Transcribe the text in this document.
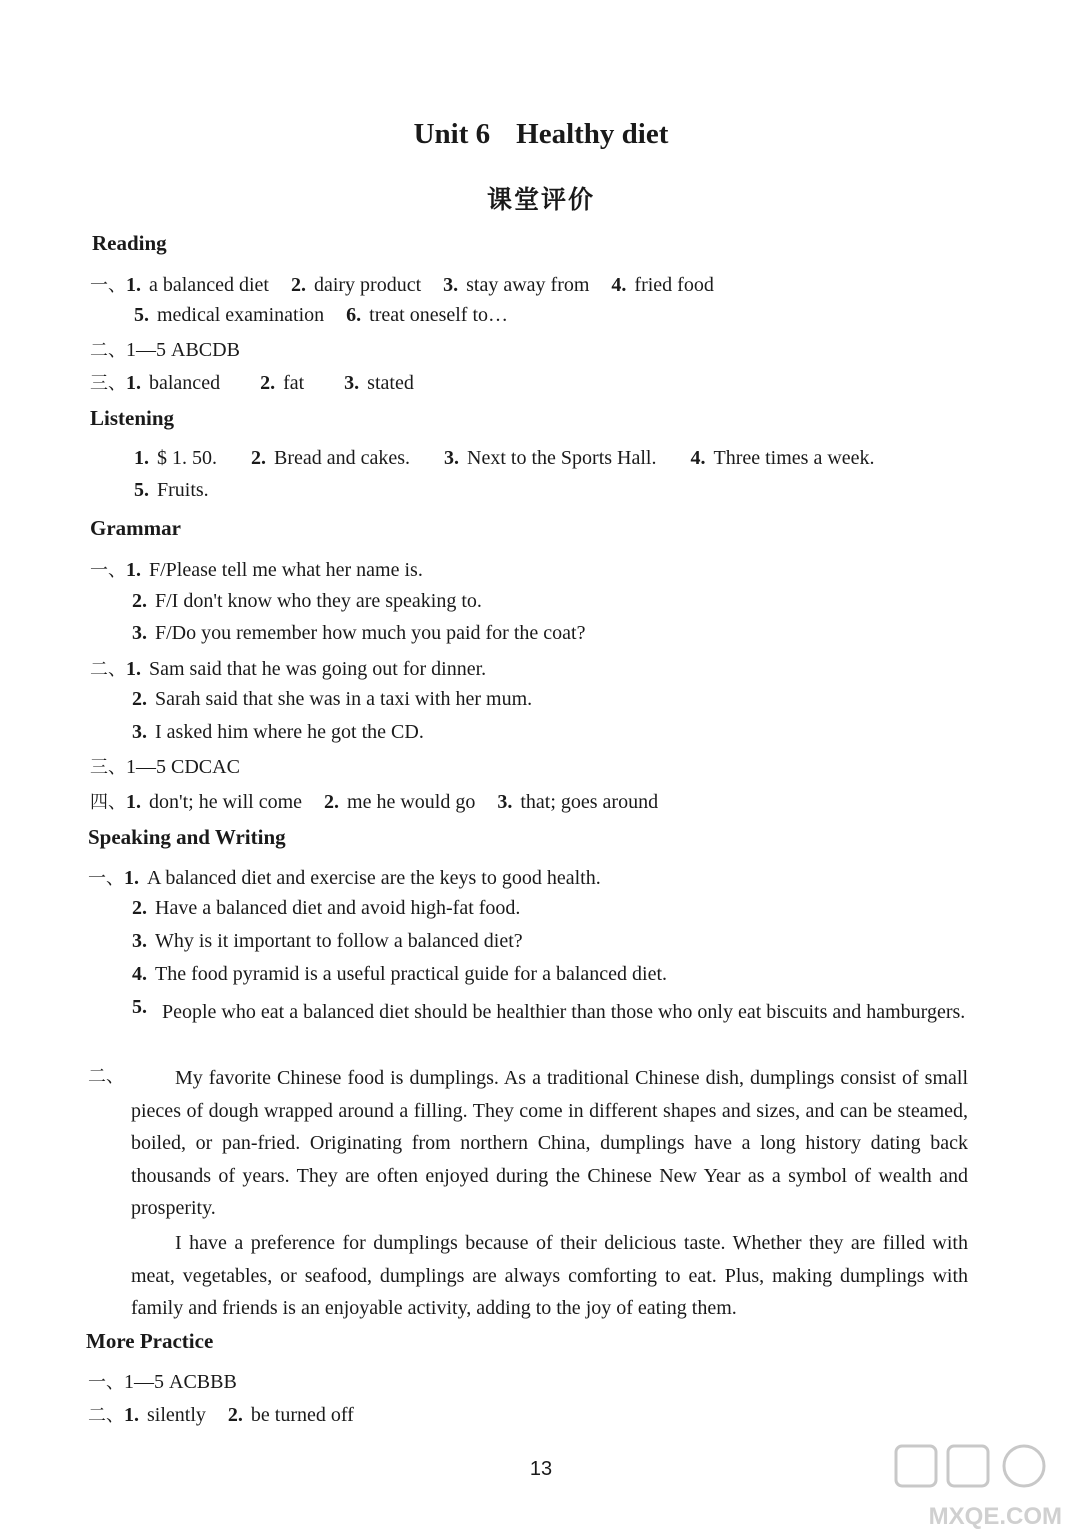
Unit 6 Healthy diet
课堂评价
Reading
一、1. a balanced diet 2. dairy product 3. stay away from 4. fried food
5. medical examination 6. treat oneself to…
二、1—5 ABCDB
三、1. balanced 2. fat 3. stated
Listening
1. $ 1. 50. 2. Bread and cakes. 3. Next to the Sports Hall. 4. Three times a week.
5. Fruits.
Grammar
一、1. F/Please tell me what her name is.
2. F/I don't know who they are speaking to.
3. F/Do you remember how much you paid for the coat?
二、1. Sam said that he was going out for dinner.
2. Sarah said that she was in a taxi with her mum.
3. I asked him where he got the CD.
三、1—5 CDCAC
四、1. don't; he will come 2. me he would go 3. that; goes around
Speaking and Writing
一、1. A balanced diet and exercise are the keys to good health.
2. Have a balanced diet and avoid high-fat food.
3. Why is it important to follow a balanced diet?
4. The food pyramid is a useful practical guide for a balanced diet.
5. People who eat a balanced diet should be healthier than those who only eat biscuits and hamburgers.
二、	My favorite Chinese food is dumplings. As a traditional Chinese dish, dumplings consist of small pieces of dough wrapped around a filling. They come in different shapes and sizes, and can be steamed, boiled, or pan-fried. Originating from northern China, dumplings have a long history dating back thousands of years. They are often enjoyed during the Chinese New Year as a symbol of wealth and prosperity.
I have a preference for dumplings because of their delicious taste. Whether they are filled with meat, vegetables, or seafood, dumplings are always comforting to eat. Plus, making dumplings with family and friends is an enjoyable activity, adding to the joy of eating them.
More Practice
一、1—5 ACBBB
二、1. silently 2. be turned off
13
MXQE.COM
